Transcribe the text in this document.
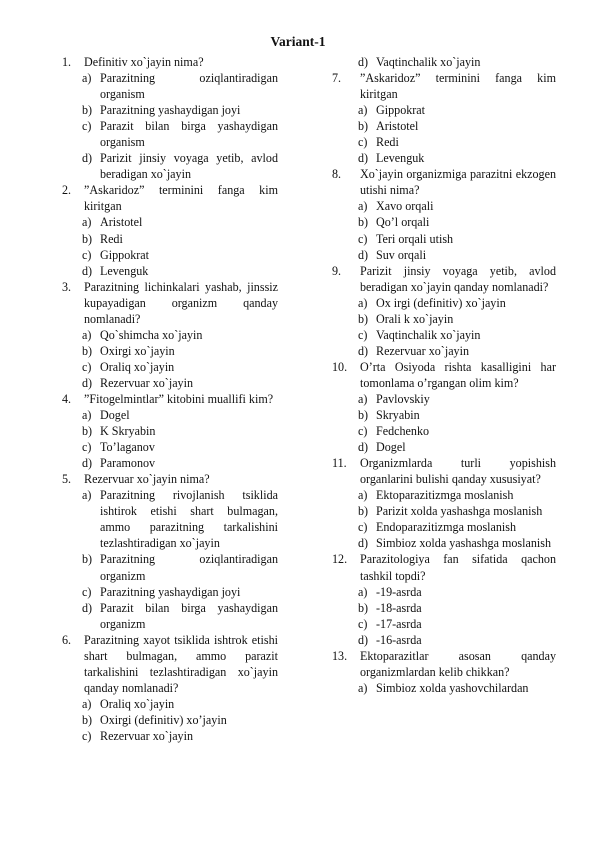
Variant-1
1. Definitiv xo`jayin nima?
a) Parazitning oziqlantiradigan organism
b) Parazitning yashaydigan joyi
c) Parazit bilan birga yashaydigan organism
d) Parizit jinsiy voyaga yetib, avlod beradigan xo`jayin
2. ”Askaridoz” terminini fanga kim kiritgan
a) Aristotel
b) Redi
c) Gippokrat
d) Levenguk
3. Parazitning lichinkalari yashab, jinssiz kupayadigan organizm qanday nomlanadi?
a) Qo`shimcha xo`jayin
b) Oxirgi xo`jayin
c) Oraliq xo`jayin
d) Rezervuar xo`jayin
4. ”Fitogelmintlar” kitobini muallifi kim?
a) Dogel
b) K Skryabin
c) To’laganov
d) Paramonov
5. Rezervuar xo`jayin nima?
a) Parazitning rivojlanish tsiklida ishtirok etishi shart bulmagan, ammo parazitning tarkalishini tezlashtiradigan xo`jayin
b) Parazitning oziqlantiradigan organizm
c) Parazitning yashaydigan joyi
d) Parazit bilan birga yashaydigan organizm
6. Parazitning xayot tsiklida ishtrok etishi shart bulmagan, ammo parazit tarkalishini tezlashtiradigan xo`jayin qanday nomlanadi?
a) Oraliq xo`jayin
b) Oxirgi (definitiv) xo’jayin
c) Rezervuar xo`jayin
d) Vaqtinchalik xo`jayin
7. ”Askaridoz” terminini fanga kim kiritgan
a) Gippokrat
b) Aristotel
c) Redi
d) Levenguk
8. Xo`jayin organizmiga parazitni ekzogen utishi nima?
a) Xavo orqali
b) Qo’l orqali
c) Teri orqali utish
d) Suv orqali
9. Parizit jinsiy voyaga yetib, avlod beradigan xo`jayin qanday nomlanadi?
a) Ox irgi (definitiv) xo`jayin
b) Orali k xo`jayin
c) Vaqtinchalik xo`jayin
d) Rezervuar xo`jayin
10. O’rta Osiyoda rishta kasalligini har tomonlama o’rgangan olim kim?
a) Pavlovskiy
b) Skryabin
c) Fedchenko
d) Dogel
11. Organizmlarda turli yopishish organlarini bulishi qanday xususiyat?
a) Ektoparazitizmga moslanish
b) Parizit xolda yashashga moslanish
c) Endoparazitizmga moslanish
d) Simbioz xolda yashashga moslanish
12. Parazitologiya fan sifatida qachon tashkil topdi?
a) -19-asrda
b) -18-asrda
c) -17-asrda
d) -16-asrda
13. Ektoparazitlar asosan qanday organizmlardan kelib chikkan?
a) Simbioz xolda yashovchilardan
